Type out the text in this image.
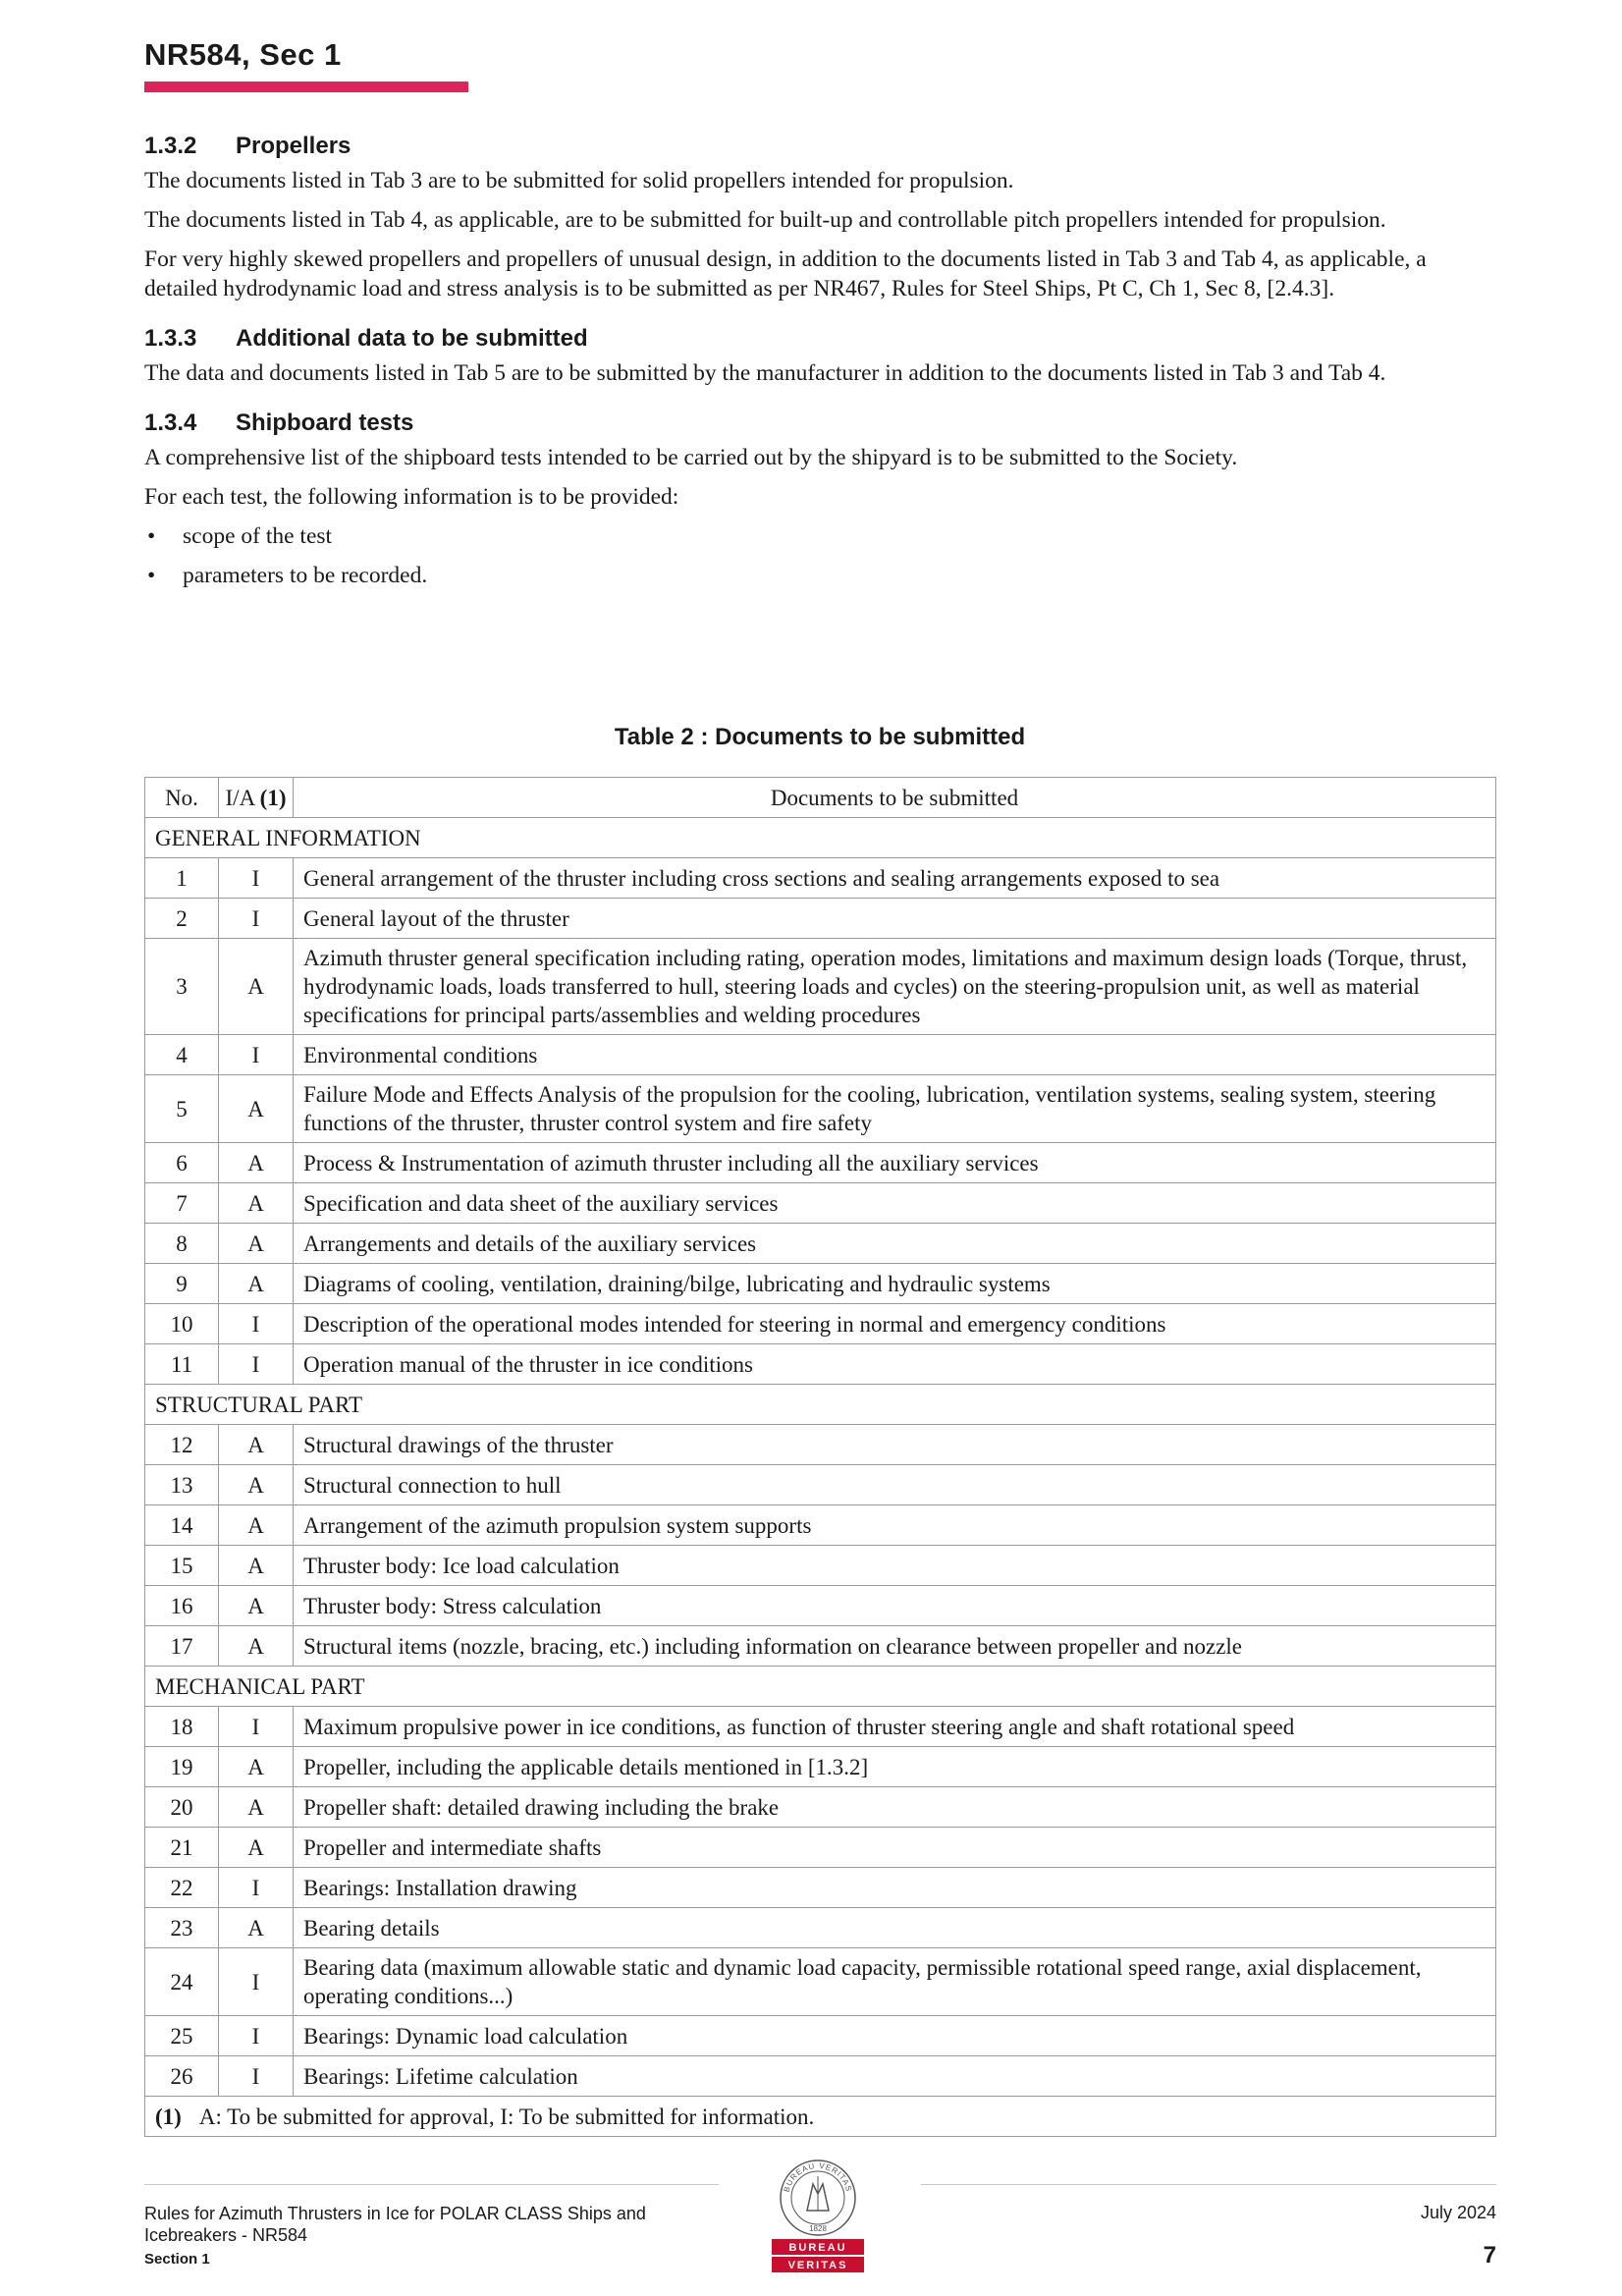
NR584, Sec 1
1.3.2 Propellers

The documents listed in Tab 3 are to be submitted for solid propellers intended for propulsion.

The documents listed in Tab 4, as applicable, are to be submitted for built-up and controllable pitch propellers intended for propulsion.

For very highly skewed propellers and propellers of unusual design, in addition to the documents listed in Tab 3 and Tab 4, as applicable, a detailed hydrodynamic load and stress analysis is to be submitted as per NR467, Rules for Steel Ships, Pt C, Ch 1, Sec 8, [2.4.3].

1.3.3 Additional data to be submitted

The data and documents listed in Tab 5 are to be submitted by the manufacturer in addition to the documents listed in Tab 3 and Tab 4.

1.3.4 Shipboard tests

A comprehensive list of the shipboard tests intended to be carried out by the shipyard is to be submitted to the Society.

For each test, the following information is to be provided:

• scope of the test
• parameters to be recorded.
Table 2 : Documents to be submitted
No.	I/A (1)	Documents to be submitted
GENERAL INFORMATION		
1	I	General arrangement of the thruster including cross sections and sealing arrangements exposed to sea
2	I	General layout of the thruster
3	A	Azimuth thruster general specification including rating, operation modes, limitations and maximum design loads (Torque, thrust, hydrodynamic loads, loads transferred to hull, steering loads and cycles) on the steering-propulsion unit, as well as material specifications for principal parts/assemblies and welding procedures
4	I	Environmental conditions
5	A	Failure Mode and Effects Analysis of the propulsion for the cooling, lubrication, ventilation systems, sealing system, steering functions of the thruster, thruster control system and fire safety
6	A	Process & Instrumentation of azimuth thruster including all the auxiliary services
7	A	Specification and data sheet of the auxiliary services
8	A	Arrangements and details of the auxiliary services
9	A	Diagrams of cooling, ventilation, draining/bilge, lubricating and hydraulic systems
10	I	Description of the operational modes intended for steering in normal and emergency conditions
11	I	Operation manual of the thruster in ice conditions
STRUCTURAL PART		
12	A	Structural drawings of the thruster
13	A	Structural connection to hull
14	A	Arrangement of the azimuth propulsion system supports
15	A	Thruster body: Ice load calculation
16	A	Thruster body: Stress calculation
17	A	Structural items (nozzle, bracing, etc.) including information on clearance between propeller and nozzle
MECHANICAL PART		
18	I	Maximum propulsive power in ice conditions, as function of thruster steering angle and shaft rotational speed
19	A	Propeller, including the applicable details mentioned in [1.3.2]
20	A	Propeller shaft: detailed drawing including the brake
21	A	Propeller and intermediate shafts
22	I	Bearings: Installation drawing
23	A	Bearing details
24	I	Bearing data (maximum allowable static and dynamic load capacity, permissible rotational speed range, axial displacement, operating conditions...)
25	I	Bearings: Dynamic load calculation
26	I	Bearings: Lifetime calculation
(1) A: To be submitted for approval, I: To be submitted for information.		
Rules for Azimuth Thrusters in Ice for POLAR CLASS Ships and
Icebreakers - NR584
Section 1
July 2024
7
BUREAU VERITAS
1828
BUREAU
VERITAS
